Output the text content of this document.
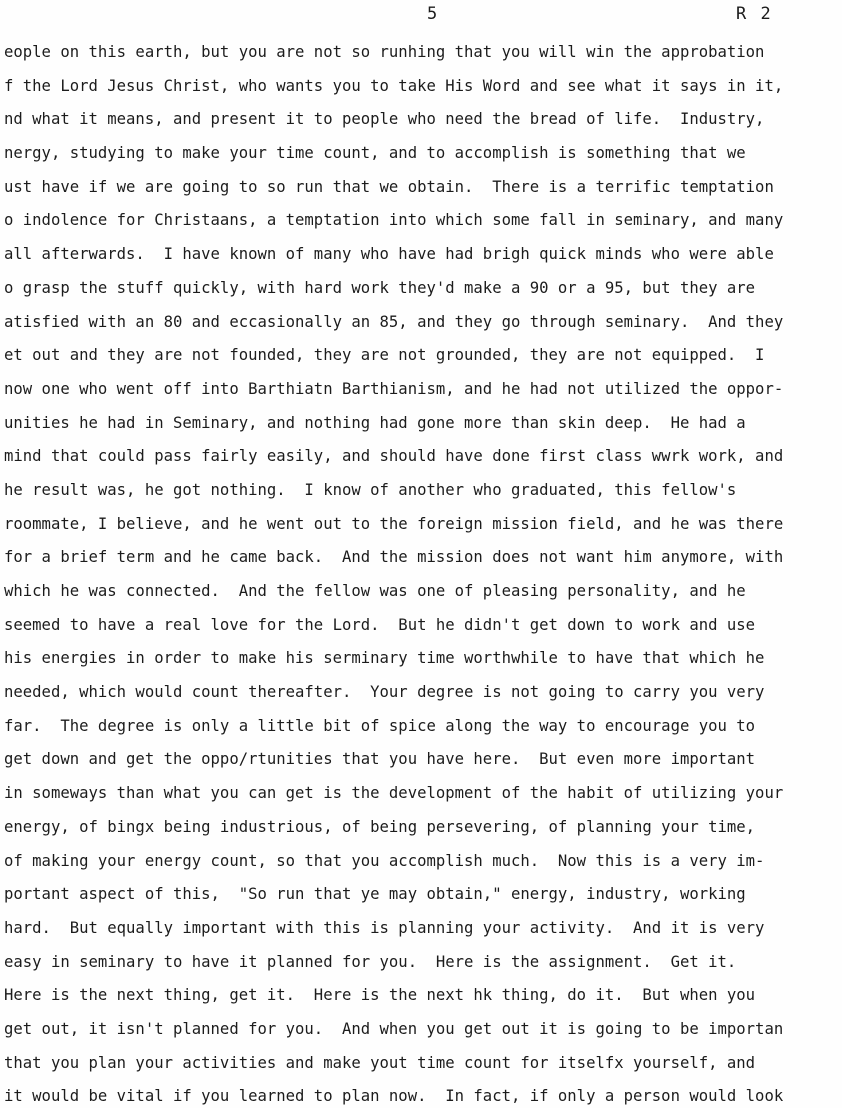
5	R 2
eople on this earth, but you are not so runhing that you will win the approbation
f the Lord Jesus Christ, who wants you to take His Word and see what it says in it,
nd what it means, and present it to people who need the bread of life.  Industry,
nergy, studying to make your time count, and to accomplish is something that we
ust have if we are going to so run that we obtain.  There is a terrific temptation
o indolence for Christaans, a temptation into which some fall in seminary, and many
all afterwards.  I have known of many who have had brigh quick minds who were able
o grasp the stuff quickly, with hard work they'd make a 90 or a 95, but they are
atisfied with an 80 and eccasionally an 85, and they go through seminary.  And they
et out and they are not founded, they are not grounded, they are not equipped.  I
now one who went off into Barthiatn Barthianism, and he had not utilized the oppor-
unities he had in Seminary, and nothing had gone more than skin deep.  He had a
mind that could pass fairly easily, and should have done first class wwrk work, and
he result was, he got nothing.  I know of another who graduated, this fellow's
roommate, I believe, and he went out to the foreign mission field, and he was there
for a brief term and he came back.  And the mission does not want him anymore, with
which he was connected.  And the fellow was one of pleasing personality, and he
seemed to have a real love for the Lord.  But he didn't get down to work and use
his energies in order to make his serminary time worthwhile to have that which he
needed, which would count thereafter.  Your degree is not going to carry you very
far.  The degree is only a little bit of spice along the way to encourage you to
get down and get the oppo/rtunities that you have here.  But even more important
in someways than what you can get is the development of the habit of utilizing your
energy, of bingx being industrious, of being persevering, of planning your time,
of making your energy count, so that you accomplish much.  Now this is a very im-
portant aspect of this,  "So run that ye may obtain," energy, industry, working
hard.  But equally important with this is planning your activity.  And it is very
easy in seminary to have it planned for you.  Here is the assignment.  Get it.
Here is the next thing, get it.  Here is the next hk thing, do it.  But when you
get out, it isn't planned for you.  And when you get out it is going to be importan
that you plan your activities and make yout time count for itselfx yourself, and
it would be vital if you learned to plan now.  In fact, if only a person would look
